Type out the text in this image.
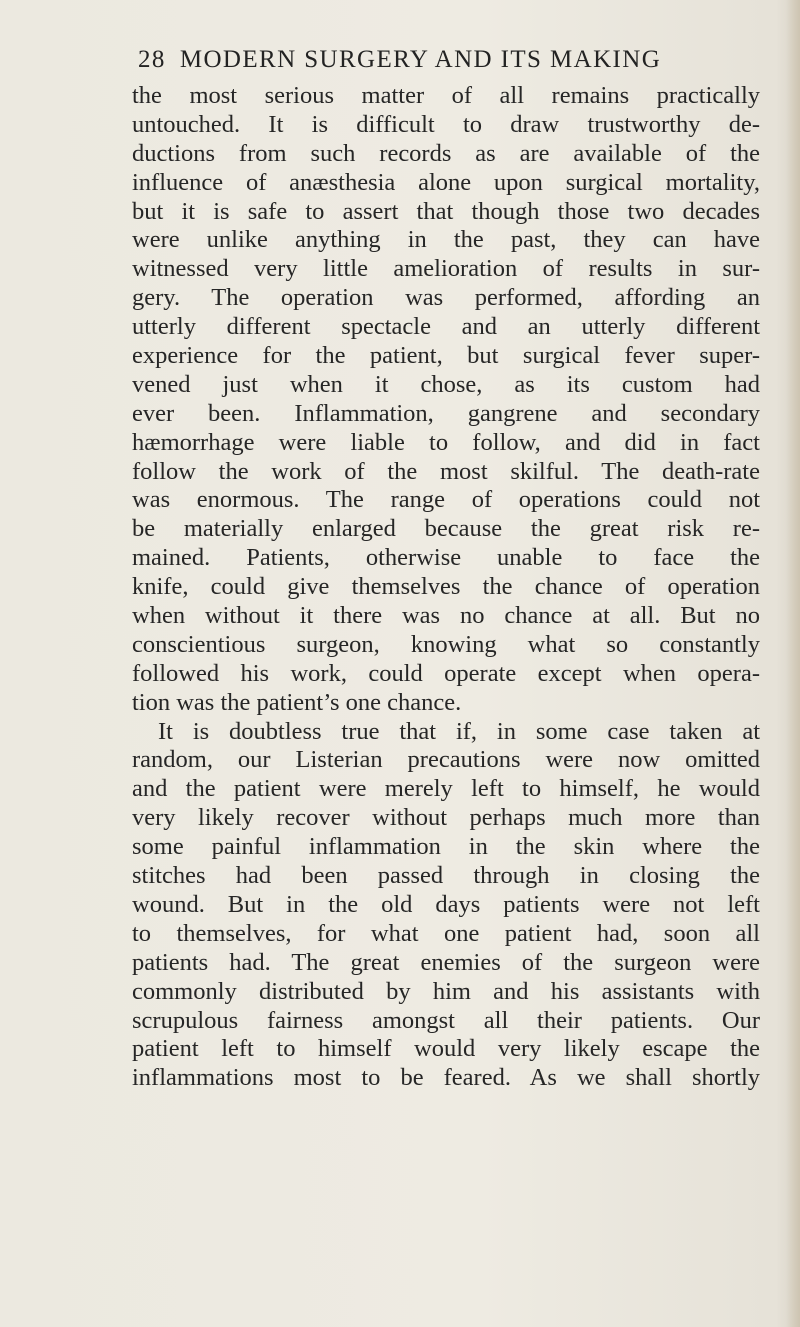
28 MODERN SURGERY AND ITS MAKING
the most serious matter of all remains practically
untouched. It is difficult to draw trustworthy de-
ductions from such records as are available of the
influence of anæsthesia alone upon surgical mortality,
but it is safe to assert that though those two decades
were unlike anything in the past, they can have
witnessed very little amelioration of results in sur-
gery. The operation was performed, affording an
utterly different spectacle and an utterly different
experience for the patient, but surgical fever super-
vened just when it chose, as its custom had
ever been. Inflammation, gangrene and secondary
hæmorrhage were liable to follow, and did in fact
follow the work of the most skilful. The death-rate
was enormous. The range of operations could not
be materially enlarged because the great risk re-
mained. Patients, otherwise unable to face the
knife, could give themselves the chance of operation
when without it there was no chance at all. But no
conscientious surgeon, knowing what so constantly
followed his work, could operate except when opera-
tion was the patient’s one chance.
It is doubtless true that if, in some case taken at
random, our Listerian precautions were now omitted
and the patient were merely left to himself, he would
very likely recover without perhaps much more than
some painful inflammation in the skin where the
stitches had been passed through in closing the
wound. But in the old days patients were not left
to themselves, for what one patient had, soon all
patients had. The great enemies of the surgeon were
commonly distributed by him and his assistants with
scrupulous fairness amongst all their patients. Our
patient left to himself would very likely escape the
inflammations most to be feared. As we shall shortly
